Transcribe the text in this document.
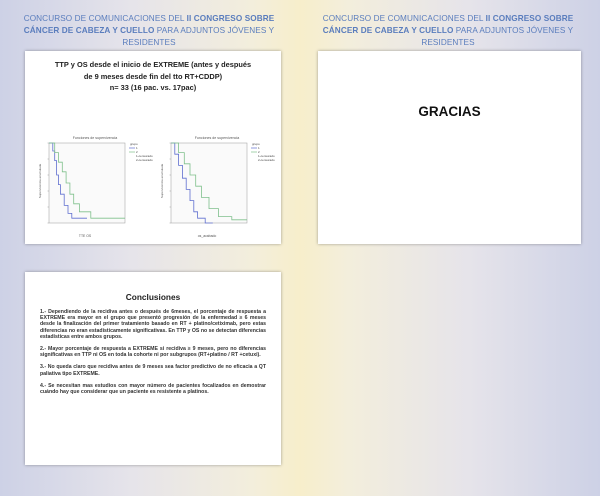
CONCURSO DE COMUNICACIONES DEL II CONGRESO SOBRE CÁNCER DE CABEZA Y CUELLO PARA ADJUNTOS JÓVENES Y RESIDENTES
CONCURSO DE COMUNICACIONES DEL II CONGRESO SOBRE CÁNCER DE CABEZA Y CUELLO PARA ADJUNTOS JÓVENES Y RESIDENTES
TTP y OS desde el inicio de EXTREME (antes y después
de 9 meses desde fin del tto RT+CDDP)
n= 33 (16 pac. vs. 17pac)
Funciones de supervivencia
Supervivencia acumulada
TTE OS
grupo
1
2
1-censurado
2-censurado
Funciones de supervivencia
Supervivencia acumulada
os_acabado
grupo
1
2
1-censurado
2-censurado
GRACIAS
Conclusiones

1.- Dependiendo de la recidiva antes o después de 6meses, el porcentaje de respuesta a EXTREME era mayor en el grupo que presentó progresión de la enfermedad ≥ 6 meses desde la finalización del primer tratamiento basado en RT + platino/cetiximab, pero estas diferencias no eran estadísticamente significativas. En TTP y OS no se detectan diferencias estadísticas entre ambos grupos.

2.- Mayor porcentaje de respuesta a EXTREME si recidiva ≥ 9 meses, pero no diferencias significativas en TTP ni OS en toda la cohorte ni por subgrupos (RT+platino / RT +cetuxi).

3.- No queda claro que recidiva antes de 9 meses sea factor predictivo de no eficacia a QT paliativa tipo EXTREME.

4.- Se necesitan mas estudios con mayor número de pacientes focalizados en demostrar cuándo hay que considerar que un paciente es resistente a platinos.
